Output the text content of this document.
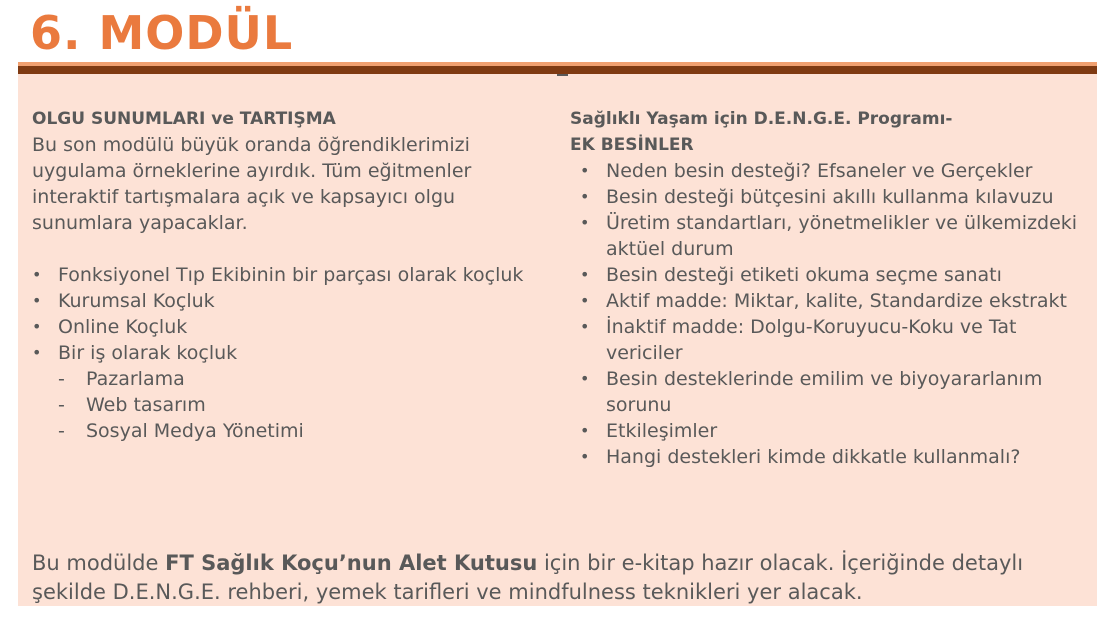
6. MODÜL

OLGU SUNUMLARI ve TARTIŞMA

Bu son modülü büyük oranda öğrendiklerimizi uygulama örneklerine ayırdık. Tüm eğitmenler interaktif tartışmalara açık ve kapsayıcı olgu sunumlara yapacaklar.

• Fonksiyonel Tıp Ekibinin bir parçası olarak koçluk
• Kurumsal Koçluk
• Online Koçluk
• Bir iş olarak koçluk
- Pazarlama
- Web tasarım
- Sosyal Medya Yönetimi

Sağlıklı Yaşam için D.E.N.G.E. Programı-

EK BESİNLER

• Neden besin desteği? Efsaneler ve Gerçekler
• Besin desteği bütçesini akıllı kullanma kılavuzu
• Üretim standartları, yönetmelikler ve ülkemizdeki aktüel durum
• Besin desteği etiketi okuma seçme sanatı
• Aktif madde: Miktar, kalite, Standardize ekstrakt
• İnaktif madde: Dolgu-Koruyucu-Koku ve Tat vericiler
• Besin desteklerinde emilim ve biyoyararlanım sorunu
• Etkileşimler
• Hangi destekleri kimde dikkatle kullanmalı?

Bu modülde FT Sağlık Koçu’nun Alet Kutusu için bir e-kitap hazır olacak. İçeriğinde detaylı şekilde D.E.N.G.E. rehberi, yemek tarifleri ve mindfulness teknikleri yer alacak.
